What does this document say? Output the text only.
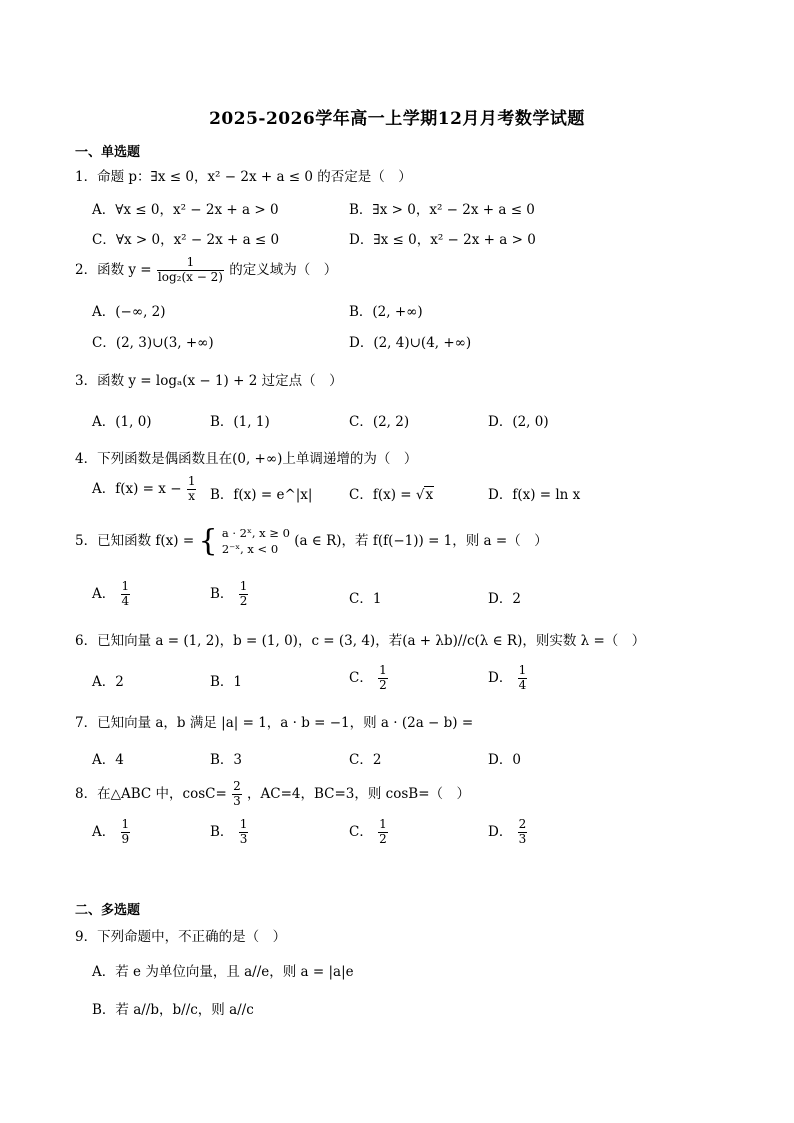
2025-2026学年高一上学期12月月考数学试题
一、单选题
1．命题 p：∃x ≤ 0，x² − 2x + a ≤ 0 的否定是（　）
A．∀x ≤ 0，x² − 2x + a > 0	B．∃x > 0，x² − 2x + a ≤ 0
C．∀x > 0，x² − 2x + a ≤ 0	D．∃x ≤ 0，x² − 2x + a > 0
2．函数 $y = \frac{1}{\text{log₂(x − 2)}}$ 的定义域为（　）
A．(−∞, 2)	B．(2, +∞)
C．(2, 3)∪(3, +∞)	D．(2, 4)∪(4, +∞)
3．函数 y = logₐ(x − 1) + 2 过定点（　）
A．(1, 0)	B．(1, 1)	C．(2, 2)	D．(2, 0)
4．下列函数是偶函数且在(0, +∞)上单调递增的为（　）
A．$f(x) = x - \frac{1}{x}$ B．f(x) = e^|x|	C．f(x) = √x	D．f(x) = ln x
5．已知函数 f(x) = { a · 2ˣ, x ≥ 0
2⁻ˣ, x < 0	(a ∈ R)，若 f(f(−1)) = 1，则 a =（　）
A． $\frac{1}{4}$	B． $\frac{1}{2}$	C．1	D．2
6．已知向量 a = (1, 2)，b = (1, 0)，c = (3, 4)，若(a + λb)//c(λ ∈ R)，则实数 λ =（　）
A．2	B．1	C． $\frac{1}{2}$	D． $\frac{1}{4}$
7．已知向量 a，b 满足 |a| = 1，a · b = −1，则 a · (2a − b) =
A．4	B．3	C．2	D．0
8．在△ABC 中，$\cos C= \frac{2}{3}$ ，AC=4，BC=3，则 cosB=（　）
A． $\frac{1}{9}$	B． $\frac{1}{3}$	C． $\frac{1}{2}$	D． $\frac{2}{3}$
二、多选题
9．下列命题中，不正确的是（　）
A．若 e 为单位向量，且 a//e，则 a = |a|e
B．若 a//b，b//c，则 a//c
